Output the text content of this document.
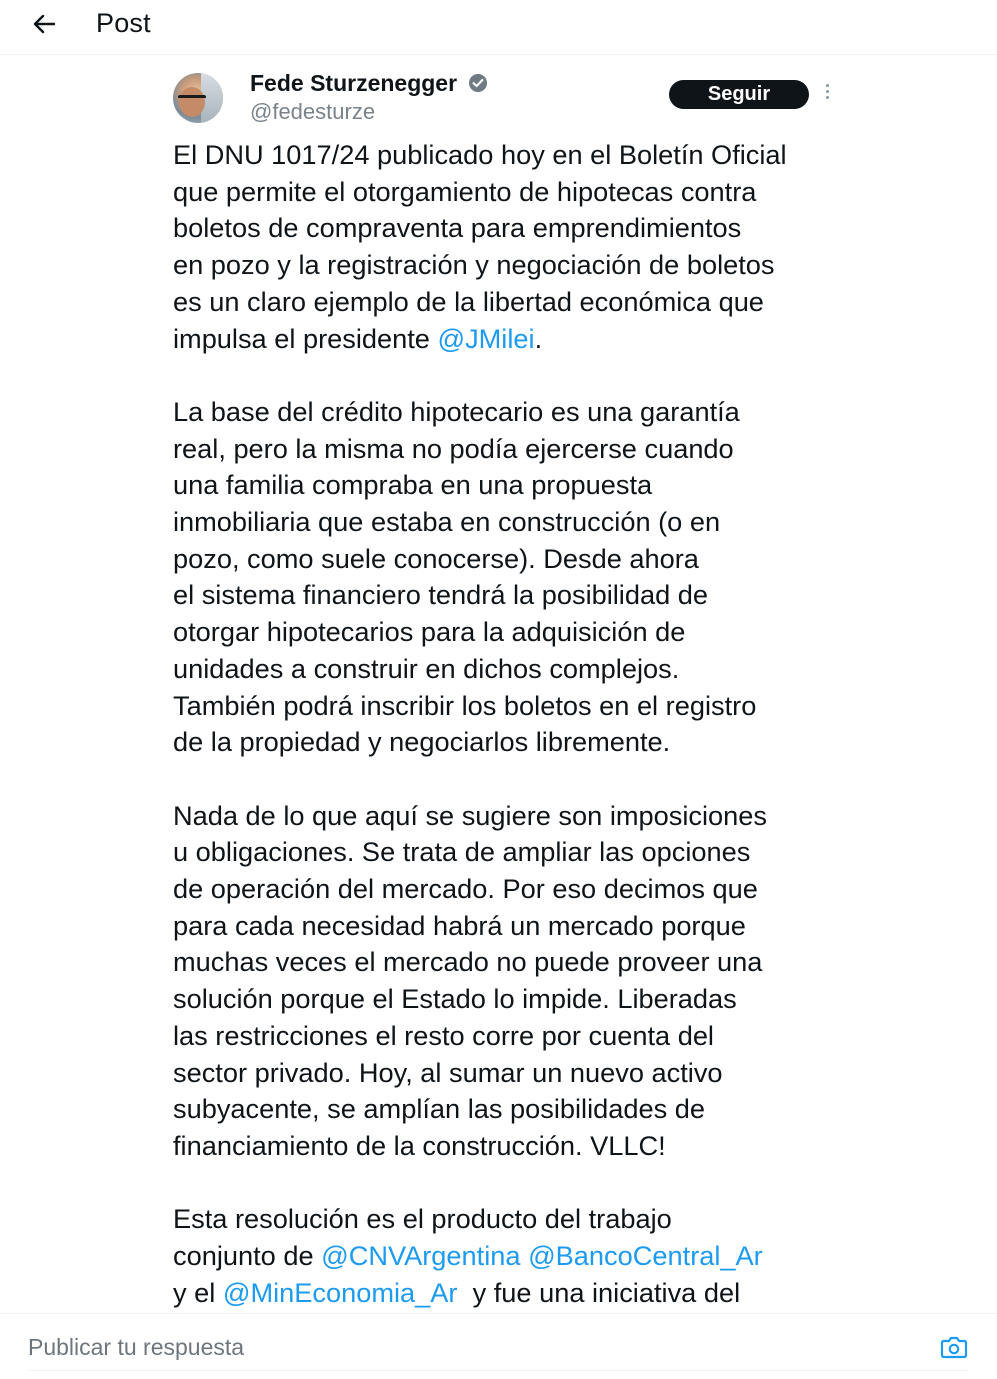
Post
Fede Sturzenegger
@fedesturze
Seguir

El DNU 1017/24 publicado hoy en el Boletín Oficial
que permite el otorgamiento de hipotecas contra
boletos de compraventa para emprendimientos
en pozo y la registración y negociación de boletos
es un claro ejemplo de la libertad económica que
impulsa el presidente @JMilei.

La base del crédito hipotecario es una garantía
real, pero la misma no podía ejercerse cuando
una familia compraba en una propuesta
inmobiliaria que estaba en construcción (o en
pozo, como suele conocerse). Desde ahora
el sistema financiero tendrá la posibilidad de
otorgar hipotecarios para la adquisición de
unidades a construir en dichos complejos.
También podrá inscribir los boletos en el registro
de la propiedad y negociarlos libremente.

Nada de lo que aquí se sugiere son imposiciones
u obligaciones. Se trata de ampliar las opciones
de operación del mercado. Por eso decimos que
para cada necesidad habrá un mercado porque
muchas veces el mercado no puede proveer una
solución porque el Estado lo impide. Liberadas
las restricciones el resto corre por cuenta del
sector privado. Hoy, al sumar un nuevo activo
subyacente, se amplían las posibilidades de
financiamiento de la construcción. VLLC!

Esta resolución es el producto del trabajo
conjunto de @CNVArgentina @BancoCentral_Ar
y el @MinEconomia_Ar  y fue una iniciativa del

Publicar tu respuesta
